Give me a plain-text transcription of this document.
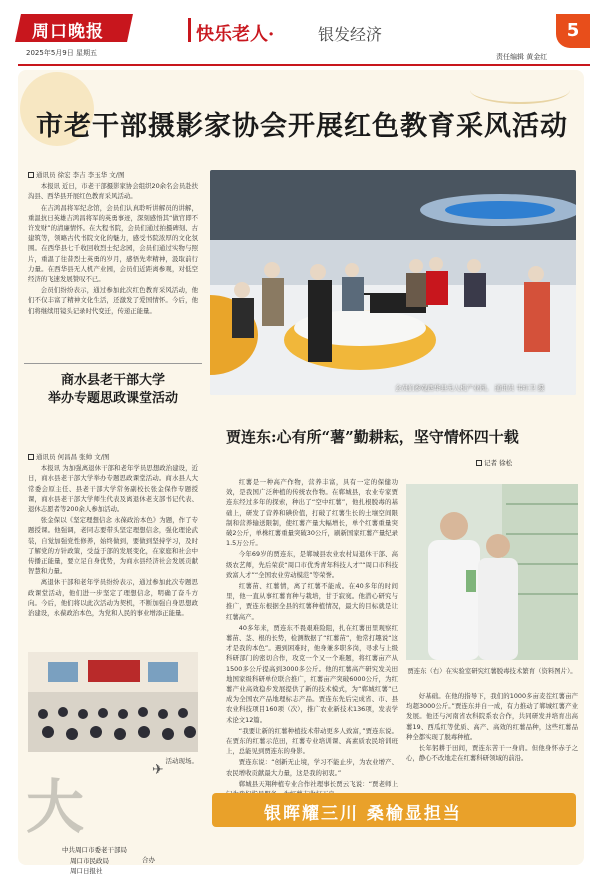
周口晚报
2025年5月9日 星期五
快乐老人·	银发经济
责任编辑 黄金红
5
市老干部摄影家协会开展红色教育采风活动
通讯员 徐宏 李吉 李玉华 文/图
本报讯 近日，市老干部摄影家协会组织20余名会员赴扶沟县、西华县开展红色教育采风活动。
在吉鸿昌将军纪念馆，会员们认真聆听讲解员的讲解，重温抗日英雄吉鸿昌将军的英勇事迹，深刻感悟其“做官即不许发财”的清廉情怀。在大程书院，会员们通过拍摄碑刻、古建筑等，领略古代书院文化的魅力，感受书院浓厚的文化氛围。在西华县七千收回收烈士纪念园，会员们通过实物与照片，重温了往昔烈士英勇的岁月，感悟先辈精神，汲取前行力量。在西华县无人机产业园，会员们近距离参观，对低空经济的飞速发展赞叹不已。
会员们纷纷表示，通过参加此次红色教育采风活动，他们不仅丰富了精神文化生活，还激发了爱国情怀。今后，他们将继续用镜头记录时代变迁，传递正能量。
商水县老干部大学
举办专题思政课堂活动
通讯员 何昌昌 张帅 文/图
本报讯 为加强离退休干部和老年学员思想政治建设，近日，商水县老干部大学举办专题思政课堂活动。商水县人大常委会原主任、县老干部大学常务副校长张金保作专题授课，商水县老干部大学师生代表及离退休老支部书记代表、退休志愿者等200余人参加活动。
张金保以《坚定理想信念 永葆政治本色》为题，作了专题授课。他强调，老同志要带头坚定理想信念，强化理论武装，自觉加强党性修养，始终做到，要做到坚持学习，及时了解党的方针政策，受益于部的发展变化，在家庭和社会中传播正能量，要立足自身优势，为商水县经济社会发展贡献智慧和力量。
离退休干部和老年学员纷纷表示，通过参加此次专题思政课堂活动，他们进一步坚定了理想信念，明确了奋斗方向。今后，他们将以此次活动为契机，不断加强自身思想政治建设，永葆政治本色，为党和人民的事业增添正能量。
会员们参观西华县无人机产业园。 通讯员 韦红卫 摄
活动现场。
贾连东:心有所“薯”勤耕耘，坚守情怀四十载
记者 徐松
红薯是一种高产作物，营养丰富，具有一定的保健功效，是我国广泛种植的传统农作物。在郸城县，农业专家贾连东经过多年的探索，种出了“空中红薯”，他扎根脱毒的基础上，研发了营养和碘价值，打破了红薯生长的土壤空间限制和营养输送限制，使红薯产量大幅增长，单个红薯重量突破2公斤，单株红薯重量突破30公斤，刷新国家红薯产量纪录1.5万公斤。
今年69岁的贾连东，是郸城县农业农村局退休干部、高级农艺师，先后荣获“周口市优秀青年科技人才”“周口市科技致富人才”“全国农业劳动模范”等荣誉。
红薯苗、红薯情，离了红薯不能成。在40多年的时间里，他一直从事红薯育种与栽培，甘于寂寞。他潜心研究与推广，贾连东根据全县的红薯种植情况，最大的目标就是让红薯高产。
40多年来，贾连东不畏艰难险阻，扎在红薯田里观察红薯苗、茎、根的长势，检测数据了“红薯苗”，他常打趣说“这才是我的本色”。遇到困难时，他身兼多职多岗，寻求与上级科研部门的密切合作，攻克一个又一个难题，将红薯亩产从1500多公斤提高到3000多公斤。他的红薯高产研究发关田地国家级科研单位联合推广，红薯亩产突破6000公斤，为红薯产业高效稳步发展提供了新的技术模式，为“郸城红薯”已成为全国农产品地理标志产品。贾连东先后完成省、市、县农业科技项目160项（次），推广农业新技术136项，发表学术论文12篇。
“我要让新的红薯种植技术带动更多人致富，”贾连东说。在贾东的红薯示范田，红薯专业培训课、高素质农民培训班上，总能见到贾连东的身影。
贾连东说：“创新无止境，学习不能止步，为农业增产、农民增收贡献最大力量，这是我的初衷。”
郸城县天翔种植专业合作社理事长贾云飞说：“贾老师上
贾连东（右）在实验室研究红薯脱毒技术繁育（资料图片）。
好基础。在他的指导下，我们的1000多亩麦茬红薯亩产均超3000公斤。”贾连东并自一成，有力推动了郸城红薯产业发展。他还与河南省农科院系农合作，共同研发并培育出高薯19、西瓜红等优质、高产、高效的红薯品种，这些红薯品种全都实现了脱毒种植。
长年躬耕于田间，贾连东苦干一身肩。但他身怀赤子之心，静心不改地走在红薯科研领域的前沿。
大
✈
银晖耀三川 桑榆显担当
中共周口市委老干部局
周口市民政局
周口日报社
合办
